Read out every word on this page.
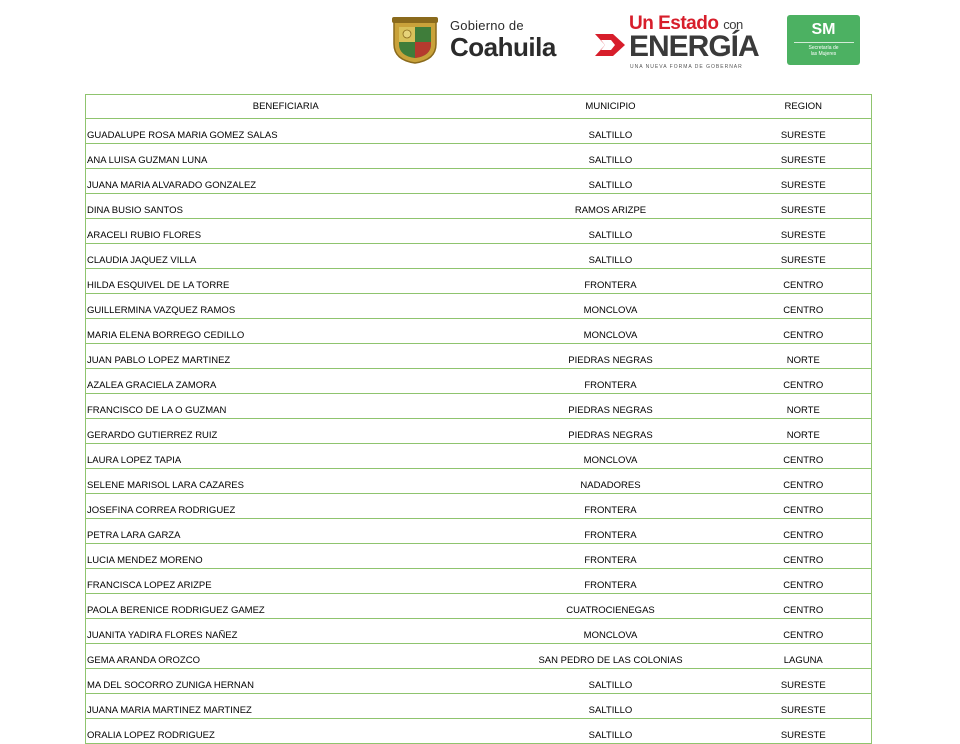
Gobierno de
Coahuila
Un Estado con
ENERGÍA
UNA NUEVA FORMA DE GOBERNAR
SM
Secretaría de
las Mujeres
BENEFICIARIA	MUNICIPIO	REGION
GUADALUPE ROSA MARIA GOMEZ SALAS	SALTILLO	SURESTE
ANA LUISA GUZMAN LUNA	SALTILLO	SURESTE
JUANA MARIA ALVARADO GONZALEZ	SALTILLO	SURESTE
DINA BUSIO SANTOS	RAMOS ARIZPE	SURESTE
ARACELI RUBIO FLORES	SALTILLO	SURESTE
CLAUDIA JAQUEZ VILLA	SALTILLO	SURESTE
HILDA ESQUIVEL DE LA TORRE	FRONTERA	CENTRO
GUILLERMINA VAZQUEZ RAMOS	MONCLOVA	CENTRO
MARIA ELENA BORREGO CEDILLO	MONCLOVA	CENTRO
JUAN PABLO LOPEZ MARTINEZ	PIEDRAS NEGRAS	NORTE
AZALEA GRACIELA ZAMORA	FRONTERA	CENTRO
FRANCISCO DE LA O GUZMAN	PIEDRAS NEGRAS	NORTE
GERARDO GUTIERREZ RUIZ	PIEDRAS NEGRAS	NORTE
LAURA LOPEZ TAPIA	MONCLOVA	CENTRO
SELENE MARISOL LARA CAZARES	NADADORES	CENTRO
JOSEFINA CORREA RODRIGUEZ	FRONTERA	CENTRO
PETRA LARA GARZA	FRONTERA	CENTRO
LUCIA MENDEZ MORENO	FRONTERA	CENTRO
FRANCISCA LOPEZ ARIZPE	FRONTERA	CENTRO
PAOLA BERENICE RODRIGUEZ GAMEZ	CUATROCIENEGAS	CENTRO
JUANITA YADIRA FLORES NAÑEZ	MONCLOVA	CENTRO
GEMA ARANDA OROZCO	SAN PEDRO DE LAS COLONIAS	LAGUNA
MA DEL SOCORRO ZUNIGA HERNAN	SALTILLO	SURESTE
JUANA MARIA MARTINEZ MARTINEZ	SALTILLO	SURESTE
ORALIA LOPEZ RODRIGUEZ	SALTILLO	SURESTE
